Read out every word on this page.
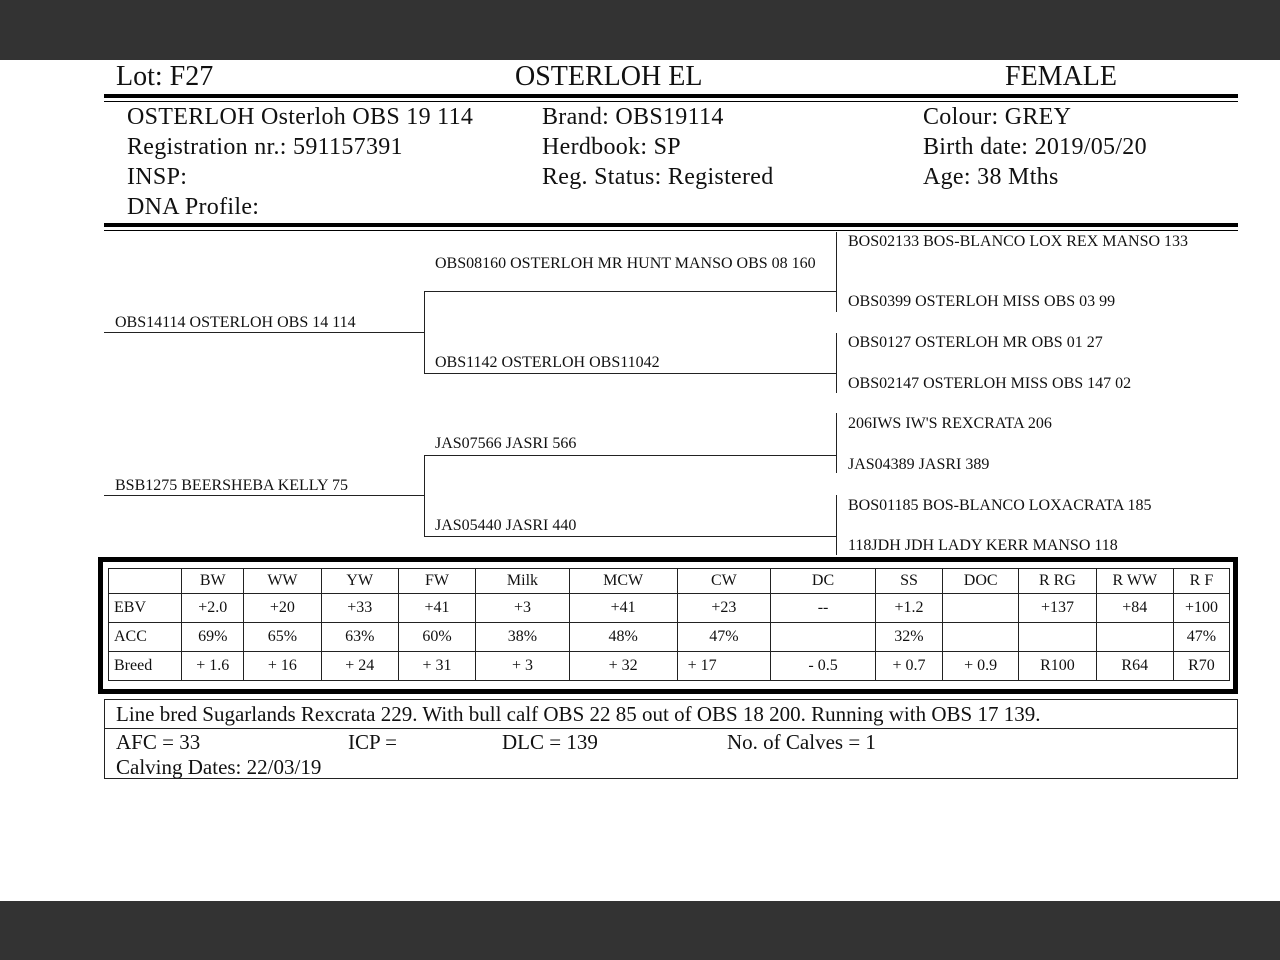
Lot: F27	OSTERLOH EL	FEMALE
OSTERLOH Osterloh OBS 19 114
Registration nr.: 591157391
INSP:
DNA Profile:
Brand: OBS19114
Herdbook: SP
Reg. Status: Registered
Colour: GREY
Birth date: 2019/05/20
Age: 38 Mths
OBS14114 OSTERLOH OBS 14 114
BSB1275 BEERSHEBA KELLY 75
OBS08160 OSTERLOH MR HUNT MANSO OBS 08 160
OBS1142 OSTERLOH OBS11042
JAS07566 JASRI 566
JAS05440 JASRI 440
BOS02133 BOS-BLANCO LOX REX MANSO 133
OBS0399 OSTERLOH MISS OBS 03 99
OBS0127 OSTERLOH MR OBS 01 27
OBS02147 OSTERLOH MISS OBS 147 02
206IWS IW'S REXCRATA 206
JAS04389 JASRI 389
BOS01185 BOS-BLANCO LOXACRATA 185
118JDH JDH LADY KERR MANSO 118
	BW	WW	YW	FW	Milk	MCW	CW	DC	SS	DOC	R RG	R WW	R F
EBV	+2.0	+20	+33	+41	+3	+41	+23	--	+1.2		+137	+84	+100
ACC	69%	65%	63%	60%	38%	48%	47%		32%				47%
Breed	+ 1.6	+ 16	+ 24	+ 31	+ 3	+ 32	+ 17	- 0.5	+ 0.7	+ 0.9	R100	R64	R70
Line bred Sugarlands Rexcrata 229. With bull calf OBS 22 85 out of OBS 18 200. Running with OBS 17 139.
AFC = 33	ICP =	DLC = 139	No. of Calves = 1
Calving Dates: 22/03/19
